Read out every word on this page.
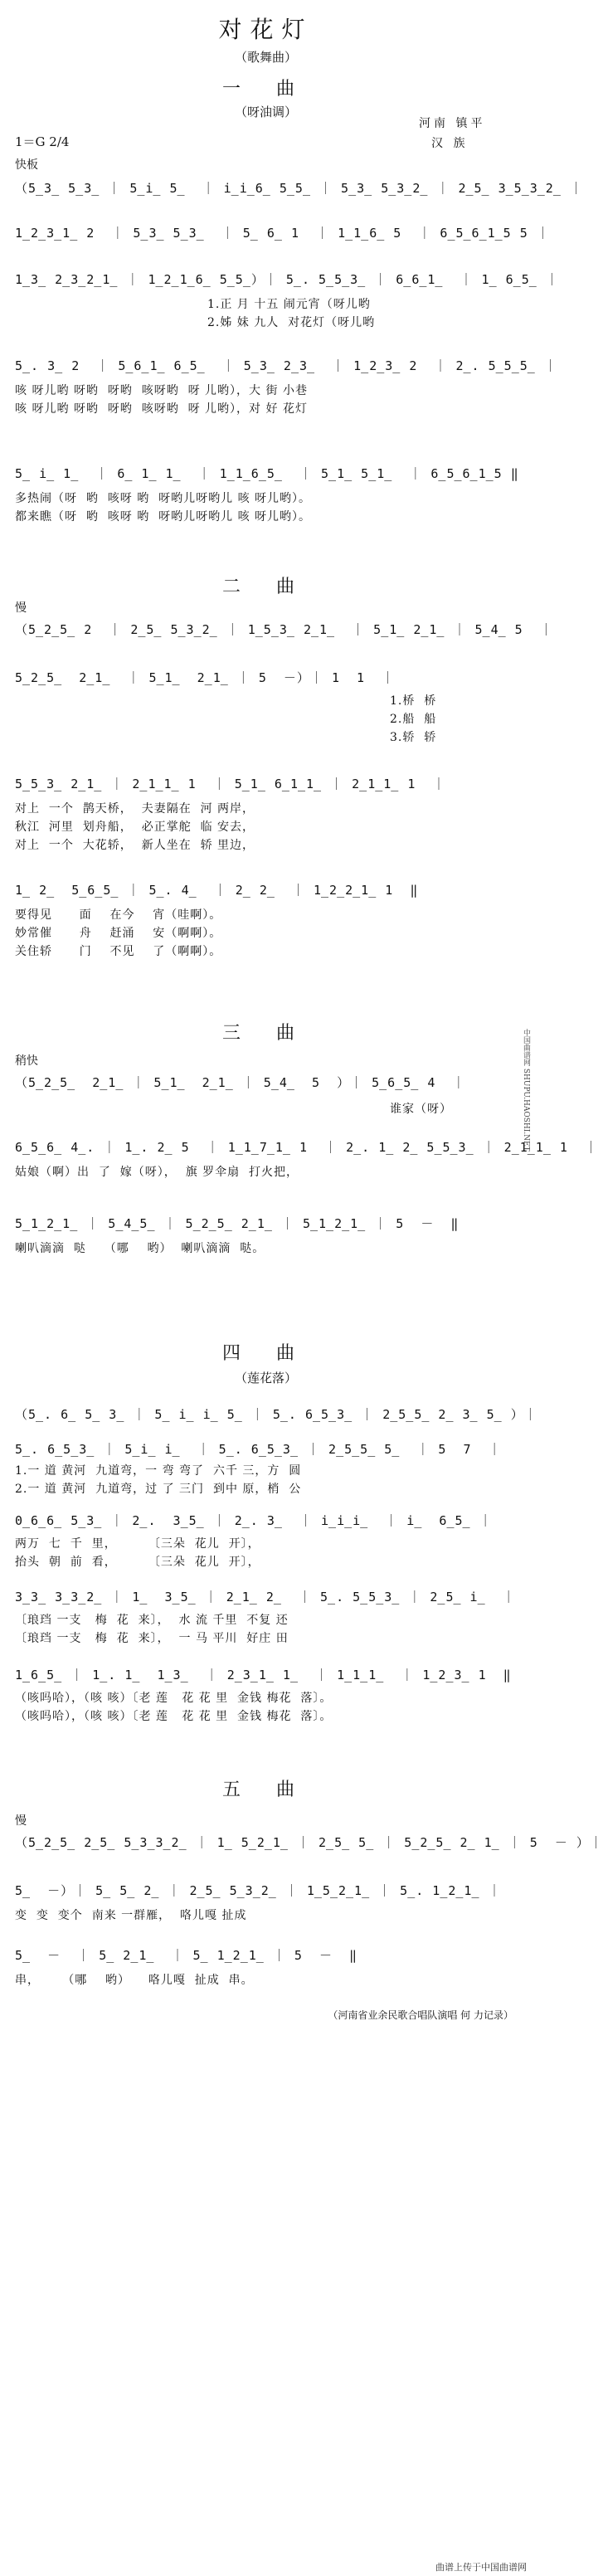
对花灯
（歌舞曲）
一 曲
（呀油调）
河南 镇平
汉 族
1＝G 2/4
快板
（5̲3̲ 5̲3̲ ｜ 5̲i̲ 5̲  ｜ i̲i̲6̲ 5̲5̲ ｜ 5̲3̲ 5̲3̲2̲ ｜ 2̲5̲ 3̲5̲3̲2̲ ｜
1̲2̲3̲1̲ 2  ｜ 5̲3̲ 5̲3̲  ｜ 5̲ 6̲ 1  ｜ 1̲1̲6̲ 5  ｜ 6̲5̲6̲1̲5 5 ｜
1̲3̲ 2̲3̲2̲1̲ ｜ 1̲2̲1̲6̲ 5̲5̲）｜ 5̲. 5̲5̲3̲ ｜ 6̲6̲1̲  ｜ 1̲ 6̲5̲ ｜
1.正 月 十五 闹元宵（呀儿哟
2.姊 妹 九人  对花灯（呀儿哟
5̲. 3̲ 2  ｜ 5̲6̲1̲ 6̲5̲  ｜ 5̲3̲ 2̲3̲  ｜ 1̲2̲3̲ 2  ｜ 2̲. 5̲5̲5̲ ｜
咳 呀儿哟 呀哟  呀哟  咳呀哟  呀 儿哟），大 街 小巷
咳 呀儿哟 呀哟  呀哟  咳呀哟  呀 儿哟），对 好 花灯
5̲ i̲ 1̲  ｜ 6̲ 1̲ 1̲  ｜ 1̲1̲6̲5̲  ｜ 5̲1̲ 5̲1̲  ｜ 6̲5̲6̲1̲5 ‖
多热闹（呀  哟  咳呀 哟  呀哟儿呀哟儿 咳 呀儿哟）。
都来瞧（呀  哟  咳呀 哟  呀哟儿呀哟儿 咳 呀儿哟）。
二 曲
慢
（5̲2̲5̲ 2  ｜ 2̲5̲ 5̲3̲2̲ ｜ 1̲5̲3̲ 2̲1̲  ｜ 5̲1̲ 2̲1̲ ｜ 5̲4̲ 5  ｜
5̲2̲5̲  2̲1̲  ｜ 5̲1̲  2̲1̲ ｜ 5  －）｜ 1  1  ｜
1.桥  桥
2.船  船
3.轿  轿
5̲5̲3̲ 2̲1̲ ｜ 2̲1̲1̲ 1  ｜ 5̲1̲ 6̲1̲1̲ ｜ 2̲1̲1̲ 1  ｜
对上  一个  鹊天桥，  夫妻隔在  河 两岸，
秋江  河里  划舟船，  必正掌舵  临 安去，
对上  一个  大花轿，  新人坐在  轿 里边，
1̲ 2̲  5̲6̲5̲ ｜ 5̲. 4̲  ｜ 2̲ 2̲  ｜ 1̲2̲2̲1̲ 1  ‖
要得见      面    在今    宵（哇啊）。
妙常催      舟    赶涌    安（啊啊）。
关住轿      门    不见    了（啊啊）。
三 曲
稍快
（5̲2̲5̲  2̲1̲ ｜ 5̲1̲  2̲1̲ ｜ 5̲4̲  5  ）｜ 5̲6̲5̲ 4  ｜
谁家（呀）
6̲5̲6̲ 4̲. ｜ 1̲. 2̲ 5  ｜ 1̲1̲7̲1̲ 1  ｜ 2̲. 1̲ 2̲ 5̲5̲3̲ ｜ 2̲1̲1̲ 1  ｜
姑娘（啊）出  了  嫁（呀），  旗 罗伞扇  打火把，
5̲1̲2̲1̲ ｜ 5̲4̲5̲ ｜ 5̲2̲5̲ 2̲1̲ ｜ 5̲1̲2̲1̲ ｜ 5  －  ‖
喇叭滴滴  哒    （哪    哟）  喇叭滴滴  哒。
四 曲
（莲花落）
（5̲. 6̲ 5̲ 3̲ ｜ 5̲ i̲ i̲ 5̲ ｜ 5̲. 6̲5̲3̲ ｜ 2̲5̲5̲ 2̲ 3̲ 5̲ ）｜
5̲. 6̲5̲3̲ ｜ 5̲i̲ i̲  ｜ 5̲. 6̲5̲3̲ ｜ 2̲5̲5̲ 5̲  ｜ 5  7  ｜
1.一 道 黄河  九道弯，一 弯 弯了  六千 三，方  圆
2.一 道 黄河  九道弯，过 了 三门  到中 原，梢  公
0̲6̲6̲ 5̲3̲ ｜ 2̲.  3̲5̲ ｜ 2̲. 3̲  ｜ i̲i̲i̲  ｜ i̲  6̲5̲ ｜
两万  七  千  里，       〔三朵  花儿  开〕，
抬头  朝  前  看，       〔三朵  花儿  开〕，
3̲3̲ 3̲3̲2̲ ｜ 1̲  3̲5̲ ｜ 2̲1̲ 2̲  ｜ 5̲. 5̲5̲3̲ ｜ 2̲5̲ i̲  ｜
〔琅珰 一支   梅  花  来〕，  水 流 千里  不复 还
〔琅珰 一支   梅  花  来〕，  一 马 平川  好庄 田
1̲6̲5̲ ｜ 1̲. 1̲  1̲3̲  ｜ 2̲3̲1̲ 1̲  ｜ 1̲1̲1̲  ｜ 1̲2̲3̲ 1  ‖
（咳吗哈），（咳 咳）〔老 莲   花 花 里  金钱 梅花  落〕。
（咳吗哈），（咳 咳）〔老 莲   花 花 里  金钱 梅花  落〕。
五 曲
慢
（5̲2̲5̲ 2̲5̲ 5̲3̲3̲2̲ ｜ 1̲ 5̲2̲1̲ ｜ 2̲5̲ 5̲ ｜ 5̲2̲5̲ 2̲ 1̲ ｜ 5  － ）｜
5̲  －）｜ 5̲ 5̲ 2̲ ｜ 2̲5̲ 5̲3̲2̲ ｜ 1̲5̲2̲1̲ ｜ 5̲. 1̲2̲1̲ ｜
变  变  变个  南来 一群雁，  咯儿嘎 扯成
5̲  －  ｜ 5̲ 2̲1̲  ｜ 5̲ 1̲2̲1̲ ｜ 5  －  ‖
串，     （哪    哟）    咯儿嘎  扯成  串。
（河南省业余民歌合唱队演唱 何 力记录）
中国曲谱网 SHUPU.HAOSHI.NET
曲谱上传于中国曲谱网
